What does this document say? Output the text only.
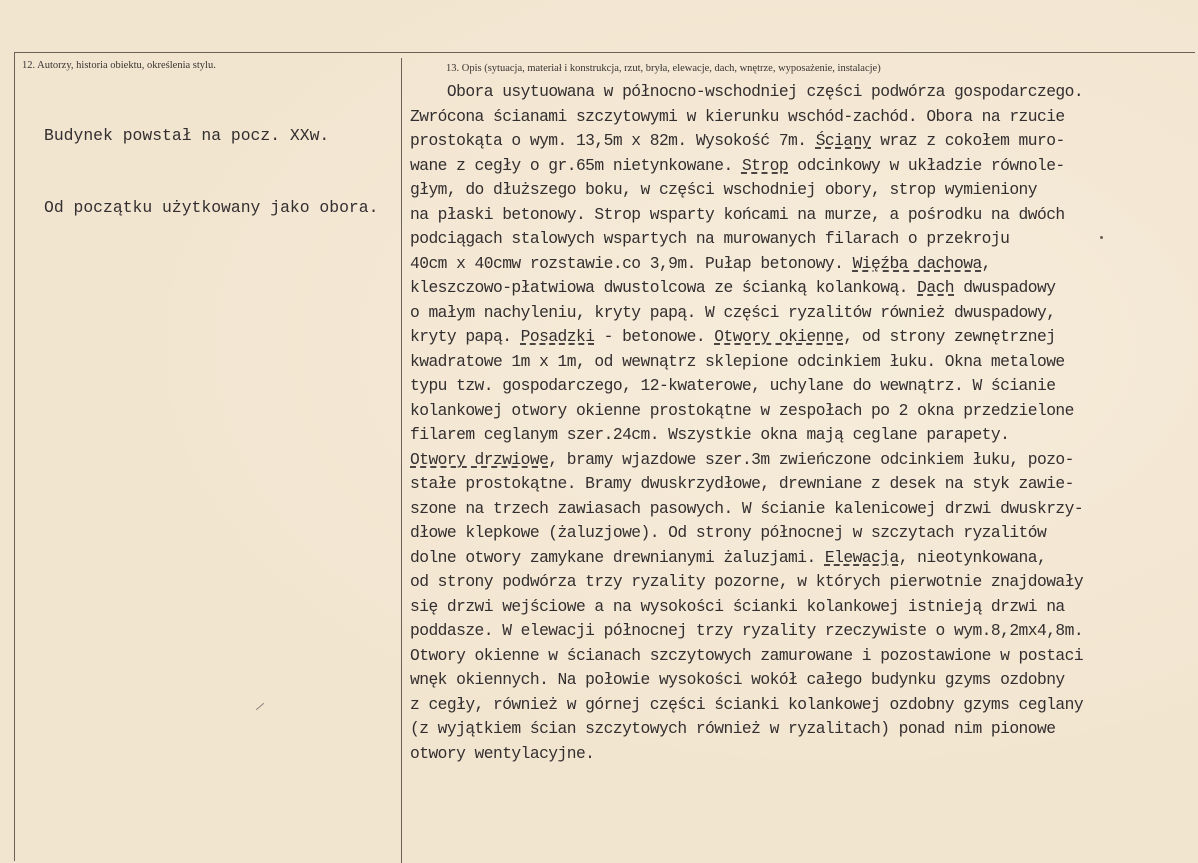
12. Autorzy, historia obiektu, określenia stylu.	13. Opis (sytuacja, materiał i konstrukcja, rzut, bryła, elewacje, dach, wnętrze, wyposażenie, instalacje)

Budynek powstał na pocz. XXw.

Od początku użytkowany jako obora.

Obora usytuowana w północno-wschodniej części podwórza gospodarczego.
Zwrócona ścianami szczytowymi w kierunku wschód-zachód. Obora na rzucie
prostokąta o wym. 13,5m x 82m. Wysokość 7m. Ściany wraz z cokołem muro-
wane z cegły o gr.65m nietynkowane. Strop odcinkowy w układzie równole-
głym, do dłuższego boku, w części wschodniej obory, strop wymieniony
na płaski betonowy. Strop wsparty końcami na murze, a pośrodku na dwóch
podciągach stalowych wspartych na murowanych filarach o przekroju
40cm x 40cmw rozstawie.co 3,9m. Pułap betonowy. Więźba dachowa,
kleszczowo-płatwiowa dwustolcowa ze ścianką kolankową. Dach dwuspadowy
o małym nachyleniu, kryty papą. W części ryzalitów również dwuspadowy,
kryty papą. Posadzki - betonowe. Otwory okienne, od strony zewnętrznej
kwadratowe 1m x 1m, od wewnątrz sklepione odcinkiem łuku. Okna metalowe
typu tzw. gospodarczego, 12-kwaterowe, uchylane do wewnątrz. W ścianie
kolankowej otwory okienne prostokątne w zespołach po 2 okna przedzielone
filarem ceglanym szer.24cm. Wszystkie okna mają ceglane parapety.
Otwory drzwiowe, bramy wjazdowe szer.3m zwieńczone odcinkiem łuku, pozo-
stałe prostokątne. Bramy dwuskrzydłowe, drewniane z desek na styk zawie-
szone na trzech zawiasach pasowych. W ścianie kalenicowej drzwi dwuskrzy-
dłowe klepkowe (żaluzjowe). Od strony północnej w szczytach ryzalitów
dolne otwory zamykane drewnianymi żaluzjami. Elewacja, nieotynkowana,
od strony podwórza trzy ryzality pozorne, w których pierwotnie znajdowały
się drzwi wejściowe a na wysokości ścianki kolankowej istnieją drzwi na
poddasze. W elewacji północnej trzy ryzality rzeczywiste o wym.8,2mx4,8m.
Otwory okienne w ścianach szczytowych zamurowane i pozostawione w postaci
wnęk okiennych. Na połowie wysokości wokół całego budynku gzyms ozdobny
z cegły, również w górnej części ścianki kolankowej ozdobny gzyms ceglany
(z wyjątkiem ścian szczytowych również w ryzalitach) ponad nim pionowe
otwory wentylacyjne.
